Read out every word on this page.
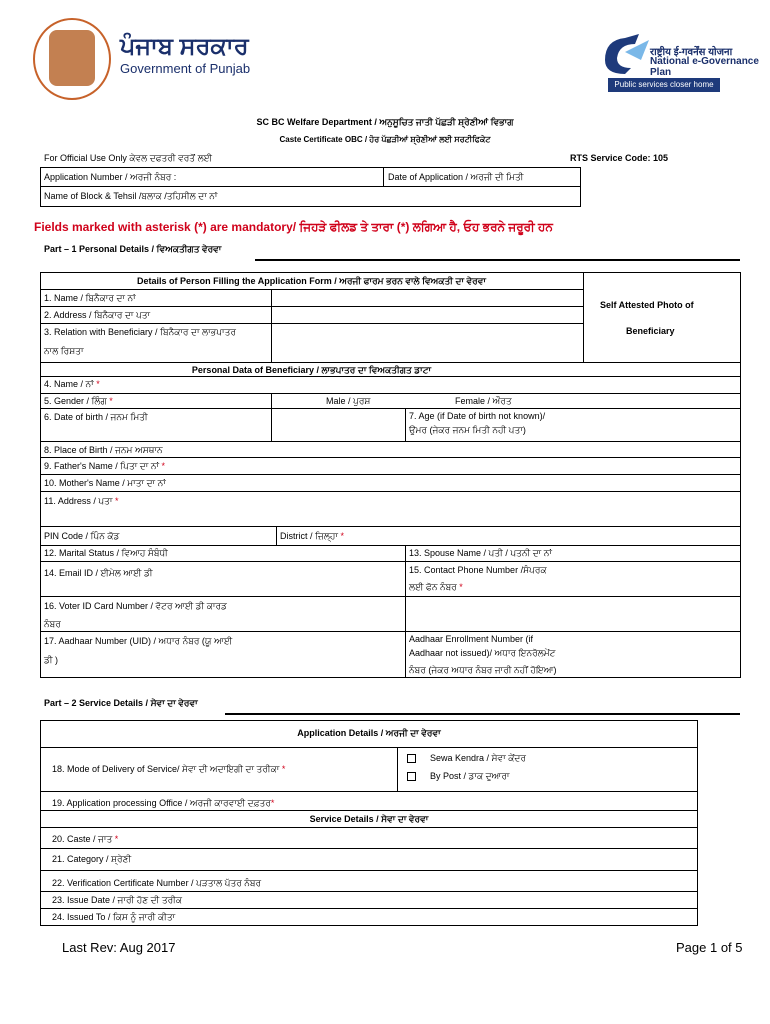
ਪੰਜਾਬ ਸਰਕਾਰ
Government of Punjab
राष्ट्रीय ई-गवर्नेंस योजना
National e-Governance Plan
Public services closer home
SC BC Welfare Department / ਅਨੁਸੂਚਿਤ ਜਾਤੀ ਪੱਛੜੀ ਸ਼੍ਰੇਣੀਆਂ ਵਿਭਾਗ
Caste Certificate OBC / ਹੋਰ ਪੱਛੜੀਆਂ ਸ਼੍ਰੇਣੀਆਂ ਲਈ ਸਰਟੀਫਿਕੇਟ
For Official Use Only ਕੇਵਲ ਦਫਤਰੀ ਵਰਤੋਂ ਲਈ	RTS Service Code: 105
Application Number / ਅਰਜੀ ਨੰਬਰ :	Date of Application / ਅਰਜੀ ਦੀ ਮਿਤੀ
Name of Block & Tehsil /ਬਲਾਕ /ਤਹਿਸੀਲ ਦਾ ਨਾਂ
Fields marked with asterisk (*) are mandatory/ ਜਿਹੜੇ ਫੀਲਡ ਤੇ ਤਾਰਾ (*) ਲਗਿਆ ਹੈ, ਓਹ ਭਰਨੇ ਜਰੂਰੀ ਹਨ
Part – 1 Personal Details / ਵਿਅਕਤੀਗਤ ਵੇਰਵਾ
Details of Person Filling the Application Form / ਅਰਜੀ ਫਾਰਮ ਭਰਨ ਵਾਲੇ ਵਿਅਕਤੀ ਦਾ ਵੇਰਵਾ
1. Name / ਬਿਨੈਕਾਰ ਦਾ ਨਾਂ
2. Address / ਬਿਨੈਕਾਰ ਦਾ ਪਤਾ
3. Relation with Beneficiary / ਬਿਨੈਕਾਰ ਦਾ ਲਾਭਪਾਤਰ
ਨਾਲ ਰਿਸ਼ਤਾ
Self Attested Photo of
Beneficiary
Personal Data of Beneficiary / ਲਾਭਪਾਤਰ ਦਾ ਵਿਅਕਤੀਗਤ ਡਾਟਾ
4. Name / ਨਾਂ *
5. Gender / ਲਿੰਗ *	Male / ਪੁਰਸ਼	Female / ਔਰਤ
6. Date of birth / ਜਨਮ ਮਿਤੀ	7. Age (if Date of birth not known)/
ਉਮਰ (ਜੇਕਰ ਜਨਮ ਮਿਤੀ ਨਹੀ ਪਤਾ)
8. Place of Birth / ਜਨਮ ਅਸਥਾਨ
9. Father's Name / ਪਿਤਾ ਦਾ ਨਾਂ *
10. Mother's Name / ਮਾਤਾ ਦਾ ਨਾਂ
11. Address / ਪਤਾ *
PIN Code / ਪਿੰਨ ਕੋਡ	District / ਜ਼ਿਲ੍ਹਾ *
12. Marital Status / ਵਿਆਹ ਸੰਬੰਧੀ	13. Spouse Name / ਪਤੀ / ਪਤਨੀ ਦਾ ਨਾਂ
14. Email ID / ਈਮੇਲ ਆਈ ਡੀ	15. Contact Phone Number /ਸੰਪਰਕ
ਲਈ ਫੋਨ ਨੰਬਰ *
16. Voter ID Card Number / ਵੋਟਰ ਆਈ ਡੀ ਕਾਰਡ
ਨੰਬਰ
17. Aadhaar Number (UID) / ਅਧਾਰ ਨੰਬਰ (ਯੂ ਆਈ
ਡੀ )
Aadhaar Enrollment Number (if
Aadhaar not issued)/ ਅਧਾਰ ਇਨਰੋਲਮੇਂਟ
ਨੰਬਰ (ਜੇਕਰ ਅਧਾਰ ਨੰਬਰ ਜਾਰੀ ਨਹੀਂ ਹੋਇਆ)
Part – 2 Service Details / ਸੇਵਾ ਦਾ ਵੇਰਵਾ
Application Details / ਅਰਜੀ ਦਾ ਵੇਰਵਾ
18. Mode of Delivery of Service/ ਸੇਵਾ ਦੀ ਅਦਾਇਗੀ ਦਾ ਤਰੀਕਾ *
Sewa Kendra / ਸੇਵਾ ਕੇਂਦਰ
By Post / ਡਾਕ ਦੁਆਰਾ
19. Application processing Office / ਅਰਜੀ ਕਾਰਵਾਈ ਦਫ਼ਤਰ*
Service Details / ਸੇਵਾ ਦਾ ਵੇਰਵਾ
20. Caste / ਜਾਤ *
21. Category / ਸ਼੍ਰੇਣੀ
22. Verification Certificate Number / ਪੜਤਾਲ ਪੱਤਰ ਨੰਬਰ
23. Issue Date / ਜਾਰੀ ਹੋਣ ਦੀ ਤਰੀਕ
24. Issued To / ਕਿਸ ਨੂੰ ਜਾਰੀ ਕੀਤਾ
Last Rev: Aug 2017	Page 1 of 5
